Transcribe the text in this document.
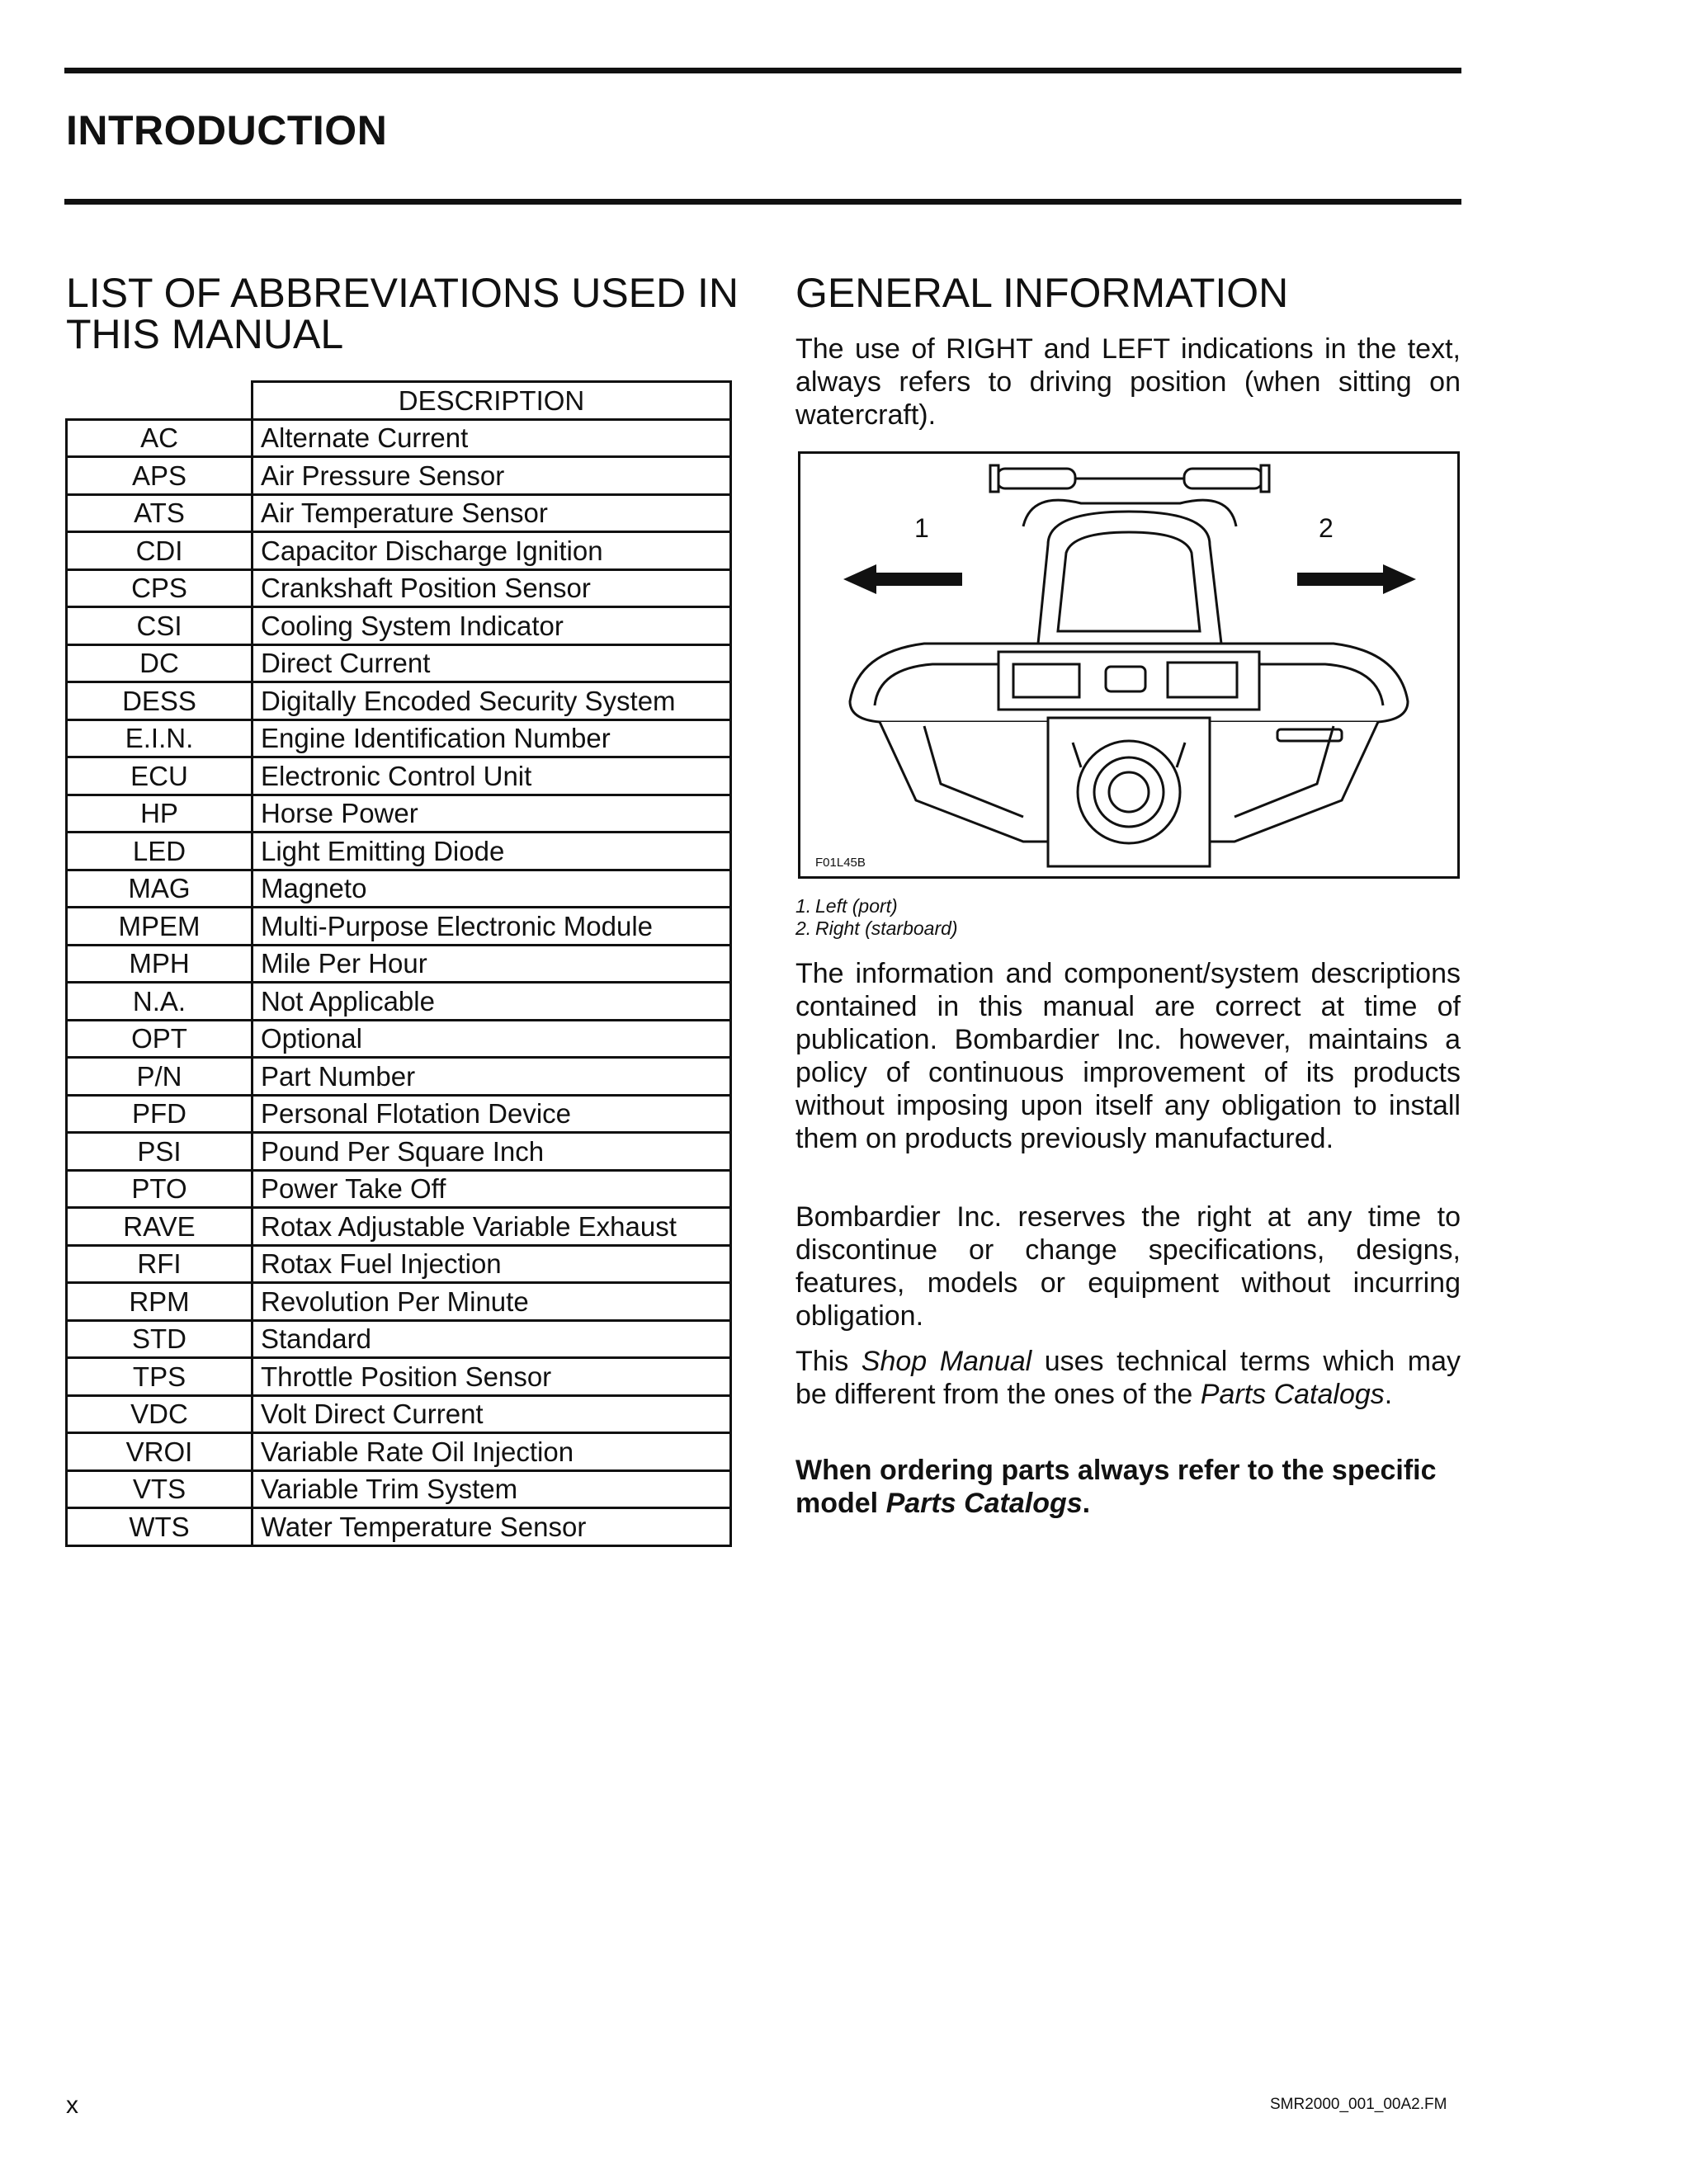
INTRODUCTION
LIST OF ABBREVIATIONS USED IN THIS MANUAL
	DESCRIPTION
AC	Alternate Current
APS	Air Pressure Sensor
ATS	Air Temperature Sensor
CDI	Capacitor Discharge Ignition
CPS	Crankshaft Position Sensor
CSI	Cooling System Indicator
DC	Direct Current
DESS	Digitally Encoded Security System
E.I.N.	Engine Identification Number
ECU	Electronic Control Unit
HP	Horse Power
LED	Light Emitting Diode
MAG	Magneto
MPEM	Multi-Purpose Electronic Module
MPH	Mile Per Hour
N.A.	Not Applicable
OPT	Optional
P/N	Part Number
PFD	Personal Flotation Device
PSI	Pound Per Square Inch
PTO	Power Take Off
RAVE	Rotax Adjustable Variable Exhaust
RFI	Rotax Fuel Injection
RPM	Revolution Per Minute
STD	Standard
TPS	Throttle Position Sensor
VDC	Volt Direct Current
VROI	Variable Rate Oil Injection
VTS	Variable Trim System
WTS	Water Temperature Sensor
GENERAL INFORMATION

The use of RIGHT and LEFT indications in the text, always refers to driving position (when sitting on watercraft).

1	2
F01L45B
1. Left (port)
2. Right (starboard)

The information and component/system descriptions contained in this manual are correct at time of publication. Bombardier Inc. however, maintains a policy of continuous improvement of its products without imposing upon itself any obligation to install them on products previously manufactured.

Bombardier Inc. reserves the right at any time to discontinue or change specifications, designs, features, models or equipment without incurring obligation.

This Shop Manual uses technical terms which may be different from the ones of the Parts Catalogs.

When ordering parts always refer to the specific model Parts Catalogs.

x	SMR2000_001_00A2.FM
